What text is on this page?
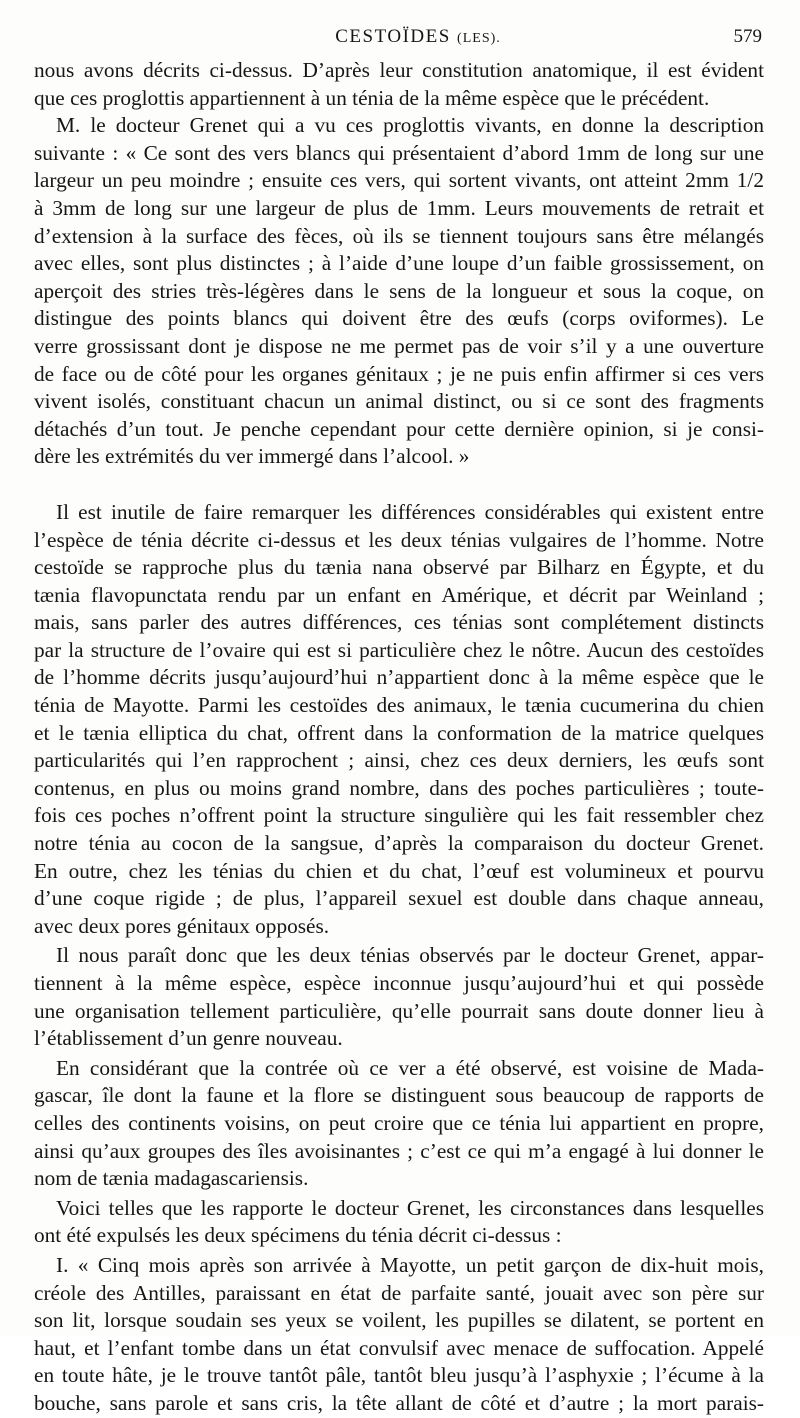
CESTOÏDES (LES).	579
nous avons décrits ci-dessus. D’après leur constitution anatomique, il est évident
que ces proglottis appartiennent à un ténia de la même espèce que le précédent.
M. le docteur Grenet qui a vu ces proglottis vivants, en donne la description
suivante : « Ce sont des vers blancs qui présentaient d’abord 1mm de long sur une
largeur un peu moindre ; ensuite ces vers, qui sortent vivants, ont atteint 2mm 1/2
à 3mm de long sur une largeur de plus de 1mm. Leurs mouvements de retrait et
d’extension à la surface des fèces, où ils se tiennent toujours sans être mélangés
avec elles, sont plus distinctes ; à l’aide d’une loupe d’un faible grossissement, on
aperçoit des stries très-légères dans le sens de la longueur et sous la coque, on
distingue des points blancs qui doivent être des œufs (corps oviformes). Le
verre grossissant dont je dispose ne me permet pas de voir s’il y a une ouverture
de face ou de côté pour les organes génitaux ; je ne puis enfin affirmer si ces vers
vivent isolés, constituant chacun un animal distinct, ou si ce sont des fragments
détachés d’un tout. Je penche cependant pour cette dernière opinion, si je consi-
dère les extrémités du ver immergé dans l’alcool. »
Il est inutile de faire remarquer les différences considérables qui existent entre
l’espèce de ténia décrite ci-dessus et les deux ténias vulgaires de l’homme. Notre
cestoïde se rapproche plus du tænia nana observé par Bilharz en Égypte, et du
tænia flavopunctata rendu par un enfant en Amérique, et décrit par Weinland ;
mais, sans parler des autres différences, ces ténias sont complétement distincts
par la structure de l’ovaire qui est si particulière chez le nôtre. Aucun des cestoïdes
de l’homme décrits jusqu’aujourd’hui n’appartient donc à la même espèce que le
ténia de Mayotte. Parmi les cestoïdes des animaux, le tænia cucumerina du chien
et le tænia elliptica du chat, offrent dans la conformation de la matrice quelques
particularités qui l’en rapprochent ; ainsi, chez ces deux derniers, les œufs sont
contenus, en plus ou moins grand nombre, dans des poches particulières ; toute-
fois ces poches n’offrent point la structure singulière qui les fait ressembler chez
notre ténia au cocon de la sangsue, d’après la comparaison du docteur Grenet.
En outre, chez les ténias du chien et du chat, l’œuf est volumineux et pourvu
d’une coque rigide ; de plus, l’appareil sexuel est double dans chaque anneau,
avec deux pores génitaux opposés.
Il nous paraît donc que les deux ténias observés par le docteur Grenet, appar-
tiennent à la même espèce, espèce inconnue jusqu’aujourd’hui et qui possède
une organisation tellement particulière, qu’elle pourrait sans doute donner lieu à
l’établissement d’un genre nouveau.
En considérant que la contrée où ce ver a été observé, est voisine de Mada-
gascar, île dont la faune et la flore se distinguent sous beaucoup de rapports de
celles des continents voisins, on peut croire que ce ténia lui appartient en propre,
ainsi qu’aux groupes des îles avoisinantes ; c’est ce qui m’a engagé à lui donner le
nom de tænia madagascariensis.
Voici telles que les rapporte le docteur Grenet, les circonstances dans lesquelles
ont été expulsés les deux spécimens du ténia décrit ci-dessus :
I. « Cinq mois après son arrivée à Mayotte, un petit garçon de dix-huit mois,
créole des Antilles, paraissant en état de parfaite santé, jouait avec son père sur
son lit, lorsque soudain ses yeux se voilent, les pupilles se dilatent, se portent en
haut, et l’enfant tombe dans un état convulsif avec menace de suffocation. Appelé
en toute hâte, je le trouve tantôt pâle, tantôt bleu jusqu’à l’asphyxie ; l’écume à la
bouche, sans parole et sans cris, la tête allant de côté et d’autre ; la mort parais-
